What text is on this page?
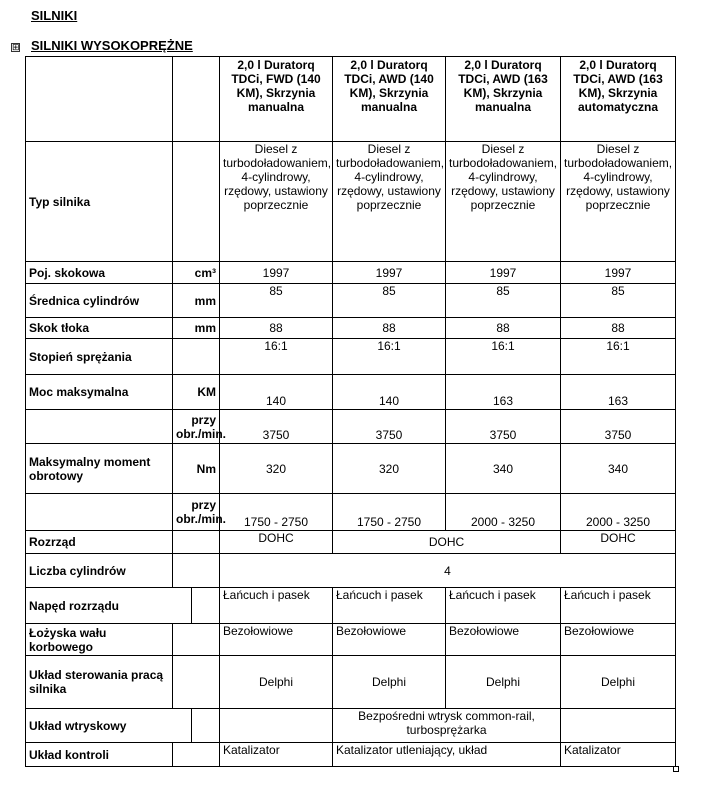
SILNIKI
⊞ SILNIKI WYSOKOPRĘŻNE
			2,0 l Duratorq TDCi, FWD (140 KM), Skrzynia manualna	2,0 l Duratorq TDCi, AWD (140 KM), Skrzynia manualna	2,0 l Duratorq TDCi, AWD (163 KM), Skrzynia manualna	2,0 l Duratorq TDCi, AWD (163 KM), Skrzynia automatyczna
Typ silnika			Diesel z turbodoładowaniem, 4-cylindrowy, rzędowy, ustawiony poprzecznie	Diesel z turbodoładowaniem, 4-cylindrowy, rzędowy, ustawiony poprzecznie	Diesel z turbodoładowaniem, 4-cylindrowy, rzędowy, ustawiony poprzecznie	Diesel z turbodoładowaniem, 4-cylindrowy, rzędowy, ustawiony poprzecznie
Poj. skokowa	cm³		1997	1997	1997	1997
Średnica cylindrów	mm		85	85	85	85
Skok tłoka	mm		88	88	88	88
Stopień sprężania			16:1	16:1	16:1	16:1
Moc maksymalna	KM		140	140	163	163
	przy obr./min.		3750	3750	3750	3750
Maksymalny moment obrotowy	Nm		320	320	340	340
	przy obr./min.		1750 - 2750	1750 - 2750	2000 - 3250	2000 - 3250
Rozrząd			DOHC	DOHC		DOHC
Liczba cylindrów			4			
Napęd rozrządu			Łańcuch i pasek	Łańcuch i pasek	Łańcuch i pasek	Łańcuch i pasek
Łożyska wału korbowego			Bezołowiowe	Bezołowiowe	Bezołowiowe	Bezołowiowe
Układ sterowania pracą silnika			Delphi	Delphi	Delphi	Delphi
Układ wtryskowy				Bezpośredni wtrysk common-rail, turbosprężarka		
Układ kontroli			Katalizator	Katalizator utleniający, układ		Katalizator
